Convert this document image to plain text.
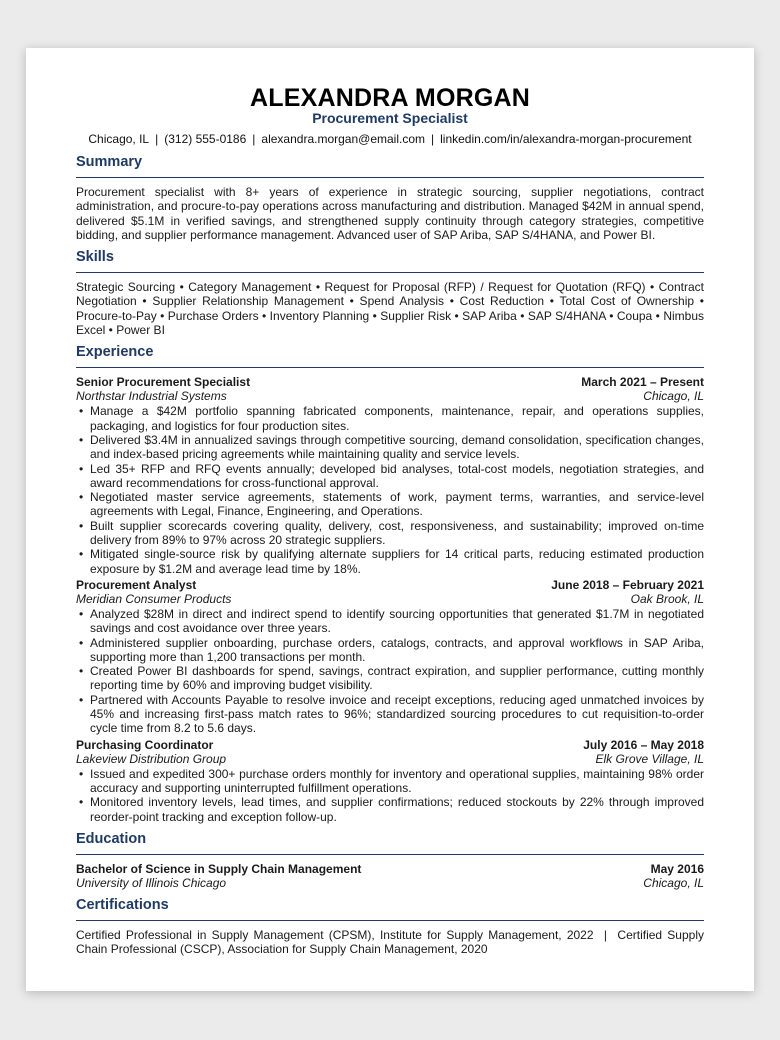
ALEXANDRA MORGAN
Procurement Specialist
Chicago, IL | (312) 555-0186 | alexandra.morgan@email.com | linkedin.com/in/alexandra-morgan-procurement
Summary

Procurement specialist with 8+ years of experience in strategic sourcing, supplier negotiations, contract administration, and procure-to-pay operations across manufacturing and distribution. Managed $42M in annual spend, delivered $5.1M in verified savings, and strengthened supply continuity through category strategies, competitive bidding, and supplier performance management. Advanced user of SAP Ariba, SAP S/4HANA, and Power BI.

Skills

Strategic Sourcing • Category Management • Request for Proposal (RFP) / Request for Quotation (RFQ) • Contract Negotiation • Supplier Relationship Management • Spend Analysis • Cost Reduction • Total Cost of Ownership • Procure-to-Pay • Purchase Orders • Inventory Planning • Supplier Risk • SAP Ariba • SAP S/4HANA • Coupa • Nimbus Excel • Power BI

Experience
Senior Procurement Specialist	March 2021 – Present
Northstar Industrial Systems	Chicago, IL
• Manage a $42M portfolio spanning fabricated components, maintenance, repair, and operations supplies, packaging, and logistics for four production sites.
• Delivered $3.4M in annualized savings through competitive sourcing, demand consolidation, specification changes, and index-based pricing agreements while maintaining quality and service levels.
• Led 35+ RFP and RFQ events annually; developed bid analyses, total-cost models, negotiation strategies, and award recommendations for cross-functional approval.
• Negotiated master service agreements, statements of work, payment terms, warranties, and service-level agreements with Legal, Finance, Engineering, and Operations.
• Built supplier scorecards covering quality, delivery, cost, responsiveness, and sustainability; improved on-time delivery from 89% to 97% across 20 strategic suppliers.
• Mitigated single-source risk by qualifying alternate suppliers for 14 critical parts, reducing estimated production exposure by $1.2M and average lead time by 18%.
Procurement Analyst	June 2018 – February 2021
Meridian Consumer Products	Oak Brook, IL
• Analyzed $28M in direct and indirect spend to identify sourcing opportunities that generated $1.7M in negotiated savings and cost avoidance over three years.
• Administered supplier onboarding, purchase orders, catalogs, contracts, and approval workflows in SAP Ariba, supporting more than 1,200 transactions per month.
• Created Power BI dashboards for spend, savings, contract expiration, and supplier performance, cutting monthly reporting time by 60% and improving budget visibility.
• Partnered with Accounts Payable to resolve invoice and receipt exceptions, reducing aged unmatched invoices by 45% and increasing first-pass match rates to 96%; standardized sourcing procedures to cut requisition-to-order cycle time from 8.2 to 5.6 days.
Purchasing Coordinator	July 2016 – May 2018
Lakeview Distribution Group	Elk Grove Village, IL
• Issued and expedited 300+ purchase orders monthly for inventory and operational supplies, maintaining 98% order accuracy and supporting uninterrupted fulfillment operations.
• Monitored inventory levels, lead times, and supplier confirmations; reduced stockouts by 22% through improved reorder-point tracking and exception follow-up.
Education
Bachelor of Science in Supply Chain Management	May 2016
University of Illinois Chicago	Chicago, IL
Certifications

Certified Professional in Supply Management (CPSM), Institute for Supply Management, 2022 | Certified Supply Chain Professional (CSCP), Association for Supply Chain Management, 2020
